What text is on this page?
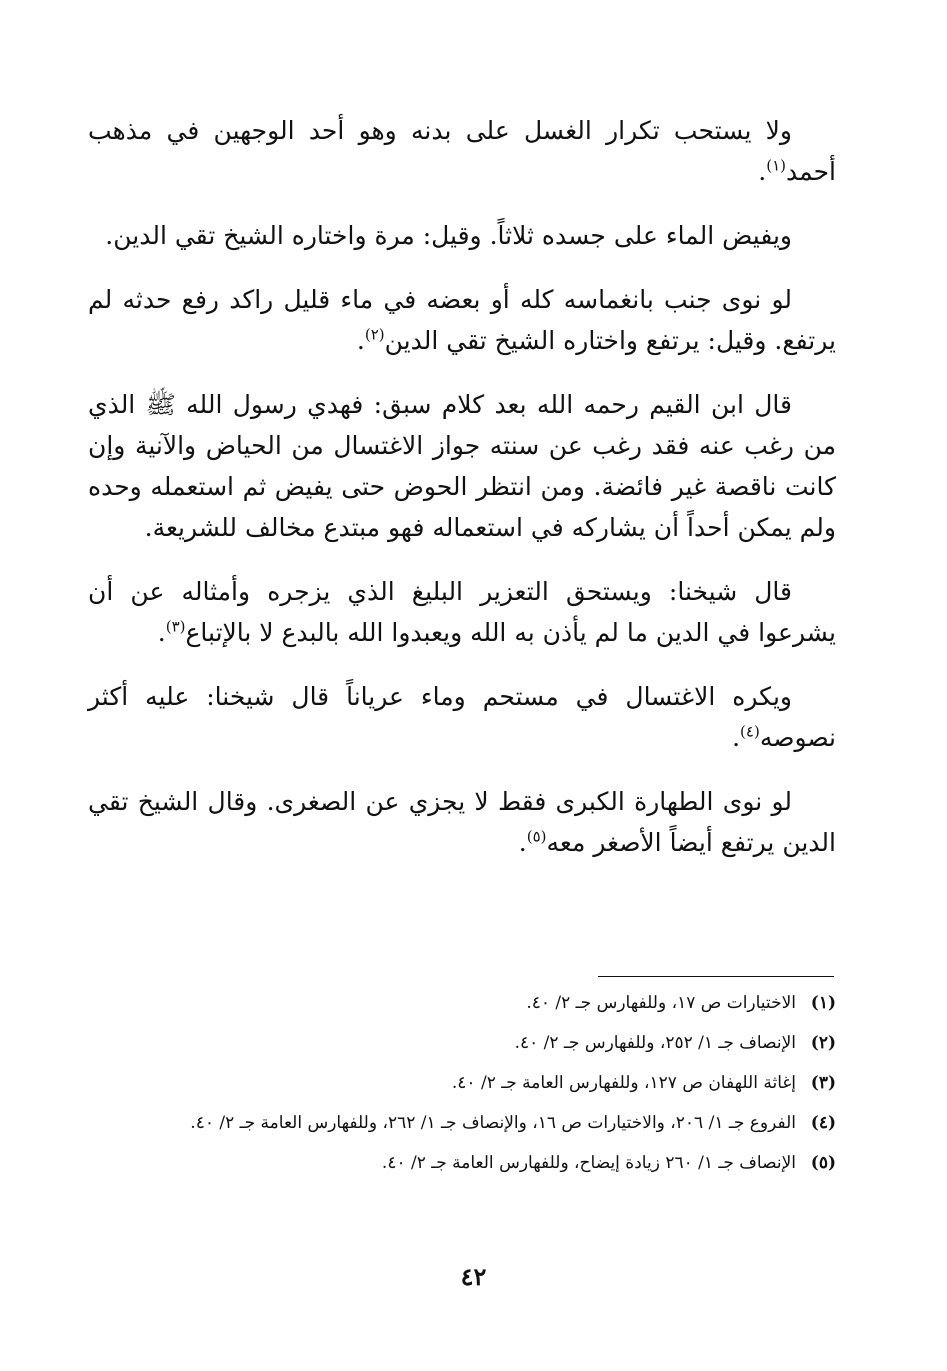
ولا يستحب تكرار الغسل على بدنه وهو أحد الوجهين في مذهب أحمد$^{(١)}$.

ويفيض الماء على جسده ثلاثاً. وقيل: مرة واختاره الشيخ تقي الدين.

لو نوى جنب بانغماسه كله أو بعضه في ماء قليل راكد رفع حدثه لم يرتفع. وقيل: يرتفع واختاره الشيخ تقي الدين$^{(٢)}$.

قال ابن القيم رحمه الله بعد كلام سبق: فهدي رسول الله ﷺ الذي من رغب عنه فقد رغب عن سنته جواز الاغتسال من الحياض والآنية وإن كانت ناقصة غير فائضة. ومن انتظر الحوض حتى يفيض ثم استعمله وحده ولم يمكن أحداً أن يشاركه في استعماله فهو مبتدع مخالف للشريعة.

قال شيخنا: ويستحق التعزير البليغ الذي يزجره وأمثاله عن أن يشرعوا في الدين ما لم يأذن به الله ويعبدوا الله بالبدع لا بالإتباع$^{(٣)}$.

ويكره الاغتسال في مستحم وماء عرياناً قال شيخنا: عليه أكثر نصوصه$^{(٤)}$.

لو نوى الطهارة الكبرى فقط لا يجزي عن الصغرى. وقال الشيخ تقي الدين يرتفع أيضاً الأصغر معه$^{(٥)}$.

(١)
الاختيارات ص ١٧، وللفهارس جـ ٢/ ٤٠.
(٢)
الإنصاف جـ ١/ ٢٥٢، وللفهارس جـ ٢/ ٤٠.
(٣)
إغاثة اللهفان ص ١٢٧، وللفهارس العامة جـ ٢/ ٤٠.
(٤)
الفروع جـ ١/ ٢٠٦، والاختيارات ص ١٦، والإنصاف جـ ١/ ٢٦٢، وللفهارس العامة جـ ٢/ ٤٠.
(٥)
الإنصاف جـ ١/ ٢٦٠ زيادة إيضاح، وللفهارس العامة جـ ٢/ ٤٠.
٤٢
